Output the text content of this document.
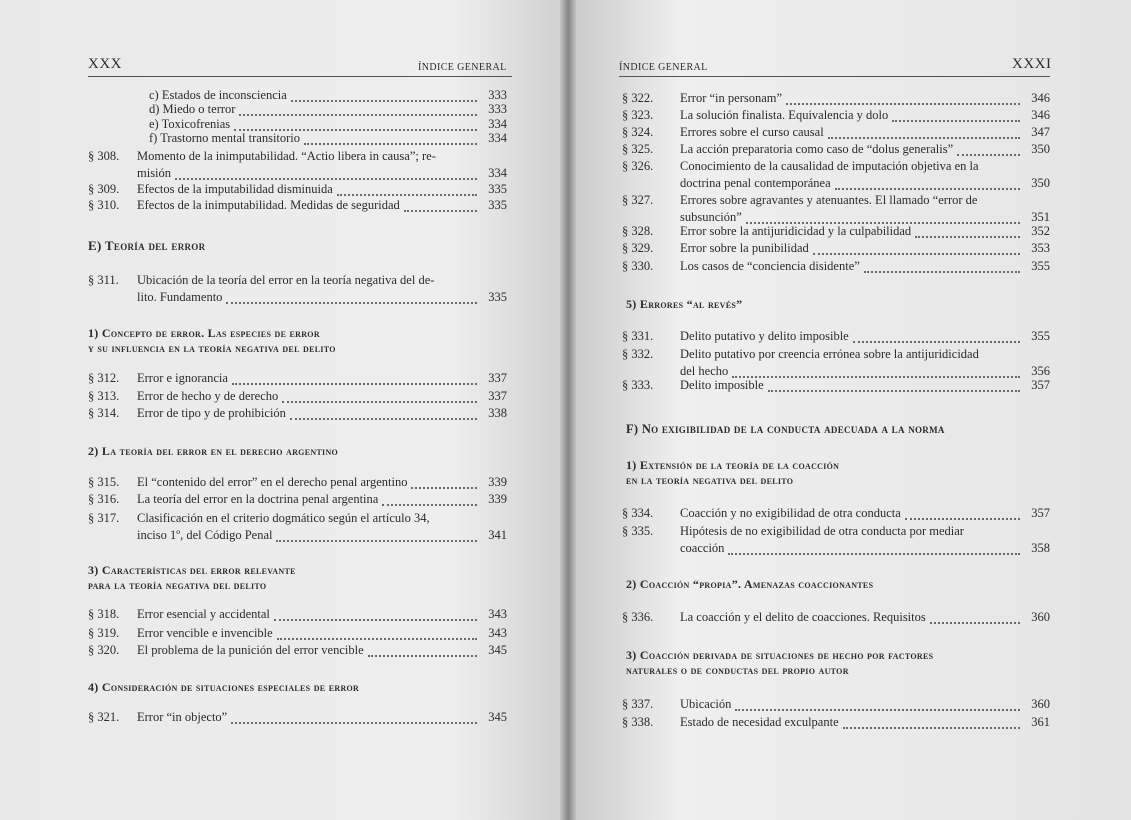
XXX	ÍNDICE GENERAL
c) Estados de inconsciencia	333
d) Miedo o terror	333
e) Toxicofrenias	334
f) Trastorno mental transitorio	334
§ 308. Momento de la inimputabilidad. “Actio libera in causa”; re-
misión	334
§ 309. Efectos de la imputabilidad disminuida	335
§ 310. Efectos de la inimputabilidad. Medidas de seguridad	335
§ 311. Ubicación de la teoría del error en la teoría negativa del de-
lito. Fundamento	335
§ 312. Error e ignorancia	337
§ 313. Error de hecho y de derecho	337
§ 314. Error de tipo y de prohibición	338
§ 315. El “contenido del error” en el derecho penal argentino	339
§ 316. La teoría del error en la doctrina penal argentina	339
§ 317. Clasificación en el criterio dogmático según el artículo 34,
inciso 1º, del Código Penal	341
§ 318. Error esencial y accidental	343
§ 319. Error vencible e invencible	343
§ 320. El problema de la punición del error vencible	345
§ 321. Error “in objecto”	345
E) Teoría del error
1) Concepto de error. Las especies de error
y su influencia en la teoría negativa del delito
2) La teoría del error en el derecho argentino
3) Características del error relevante
para la teoría negativa del delito
4) Consideración de situaciones especiales de error
ÍNDICE GENERAL	XXXI
§ 322. Error “in personam”	346
§ 323. La solución finalista. Equivalencia y dolo	346
§ 324. Errores sobre el curso causal	347
§ 325. La acción preparatoria como caso de “dolus generalis”	350
§ 326. Conocimiento de la causalidad de imputación objetiva en la
doctrina penal contemporánea	350
§ 327. Errores sobre agravantes y atenuantes. El llamado “error de
subsunción”	351
§ 328. Error sobre la antijuridicidad y la culpabilidad	352
§ 329. Error sobre la punibilidad	353
§ 330. Los casos de “conciencia disidente”	355
§ 331. Delito putativo y delito imposible	355
§ 332. Delito putativo por creencia errónea sobre la antijuridicidad
del hecho	356
§ 333. Delito imposible	357
§ 334. Coacción y no exigibilidad de otra conducta	357
§ 335. Hipótesis de no exigibilidad de otra conducta por mediar
coacción	358
§ 336. La coacción y el delito de coacciones. Requisitos	360
§ 337. Ubicación	360
§ 338. Estado de necesidad exculpante	361
5) Errores “al revés”
F) No exigibilidad de la conducta adecuada a la norma
1) Extensión de la teoría de la coacción
en la teoría negativa del delito
2) Coacción “propia”. Amenazas coaccionantes
3) Coacción derivada de situaciones de hecho por factores
naturales o de conductas del propio autor
